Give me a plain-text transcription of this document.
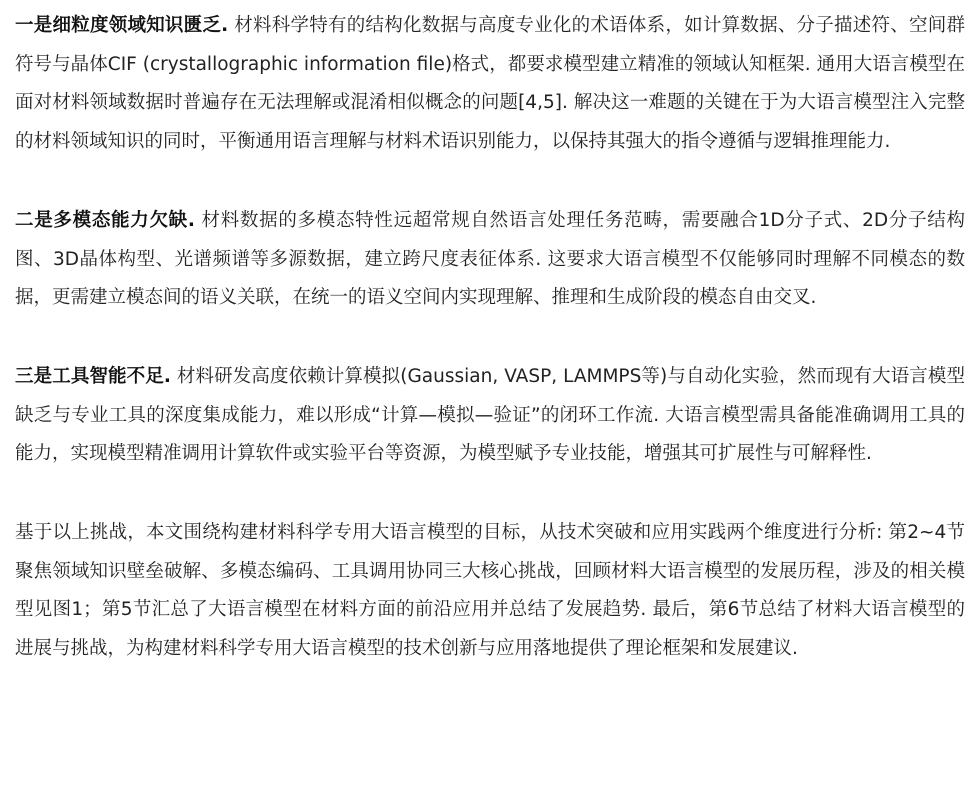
一是细粒度领域知识匮乏. 材料科学特有的结构化数据与高度专业化的术语体系，如计算数据、分子描述符、空间群符号与晶体CIF (crystallographic information file)格式，都要求模型建立精准的领域认知框架. 通用大语言模型在面对材料领域数据时普遍存在无法理解或混淆相似概念的问题[4,5]. 解决这一难题的关键在于为大语言模型注入完整的材料领域知识的同时，平衡通用语言理解与材料术语识别能力，以保持其强大的指令遵循与逻辑推理能力.

二是多模态能力欠缺. 材料数据的多模态特性远超常规自然语言处理任务范畴，需要融合1D分子式、2D分子结构图、3D晶体构型、光谱频谱等多源数据，建立跨尺度表征体系. 这要求大语言模型不仅能够同时理解不同模态的数据，更需建立模态间的语义关联，在统一的语义空间内实现理解、推理和生成阶段的模态自由交叉.

三是工具智能不足. 材料研发高度依赖计算模拟(Gaussian, VASP, LAMMPS等)与自动化实验，然而现有大语言模型缺乏与专业工具的深度集成能力，难以形成“计算—模拟—验证”的闭环工作流. 大语言模型需具备能准确调用工具的能力，实现模型精准调用计算软件或实验平台等资源，为模型赋予专业技能，增强其可扩展性与可解释性.

基于以上挑战，本文围绕构建材料科学专用大语言模型的目标，从技术突破和应用实践两个维度进行分析: 第2~4节聚焦领域知识壁垒破解、多模态编码、工具调用协同三大核心挑战，回顾材料大语言模型的发展历程，涉及的相关模型见图1；第5节汇总了大语言模型在材料方面的前沿应用并总结了发展趋势. 最后，第6节总结了材料大语言模型的进展与挑战，为构建材料科学专用大语言模型的技术创新与应用落地提供了理论框架和发展建议.
